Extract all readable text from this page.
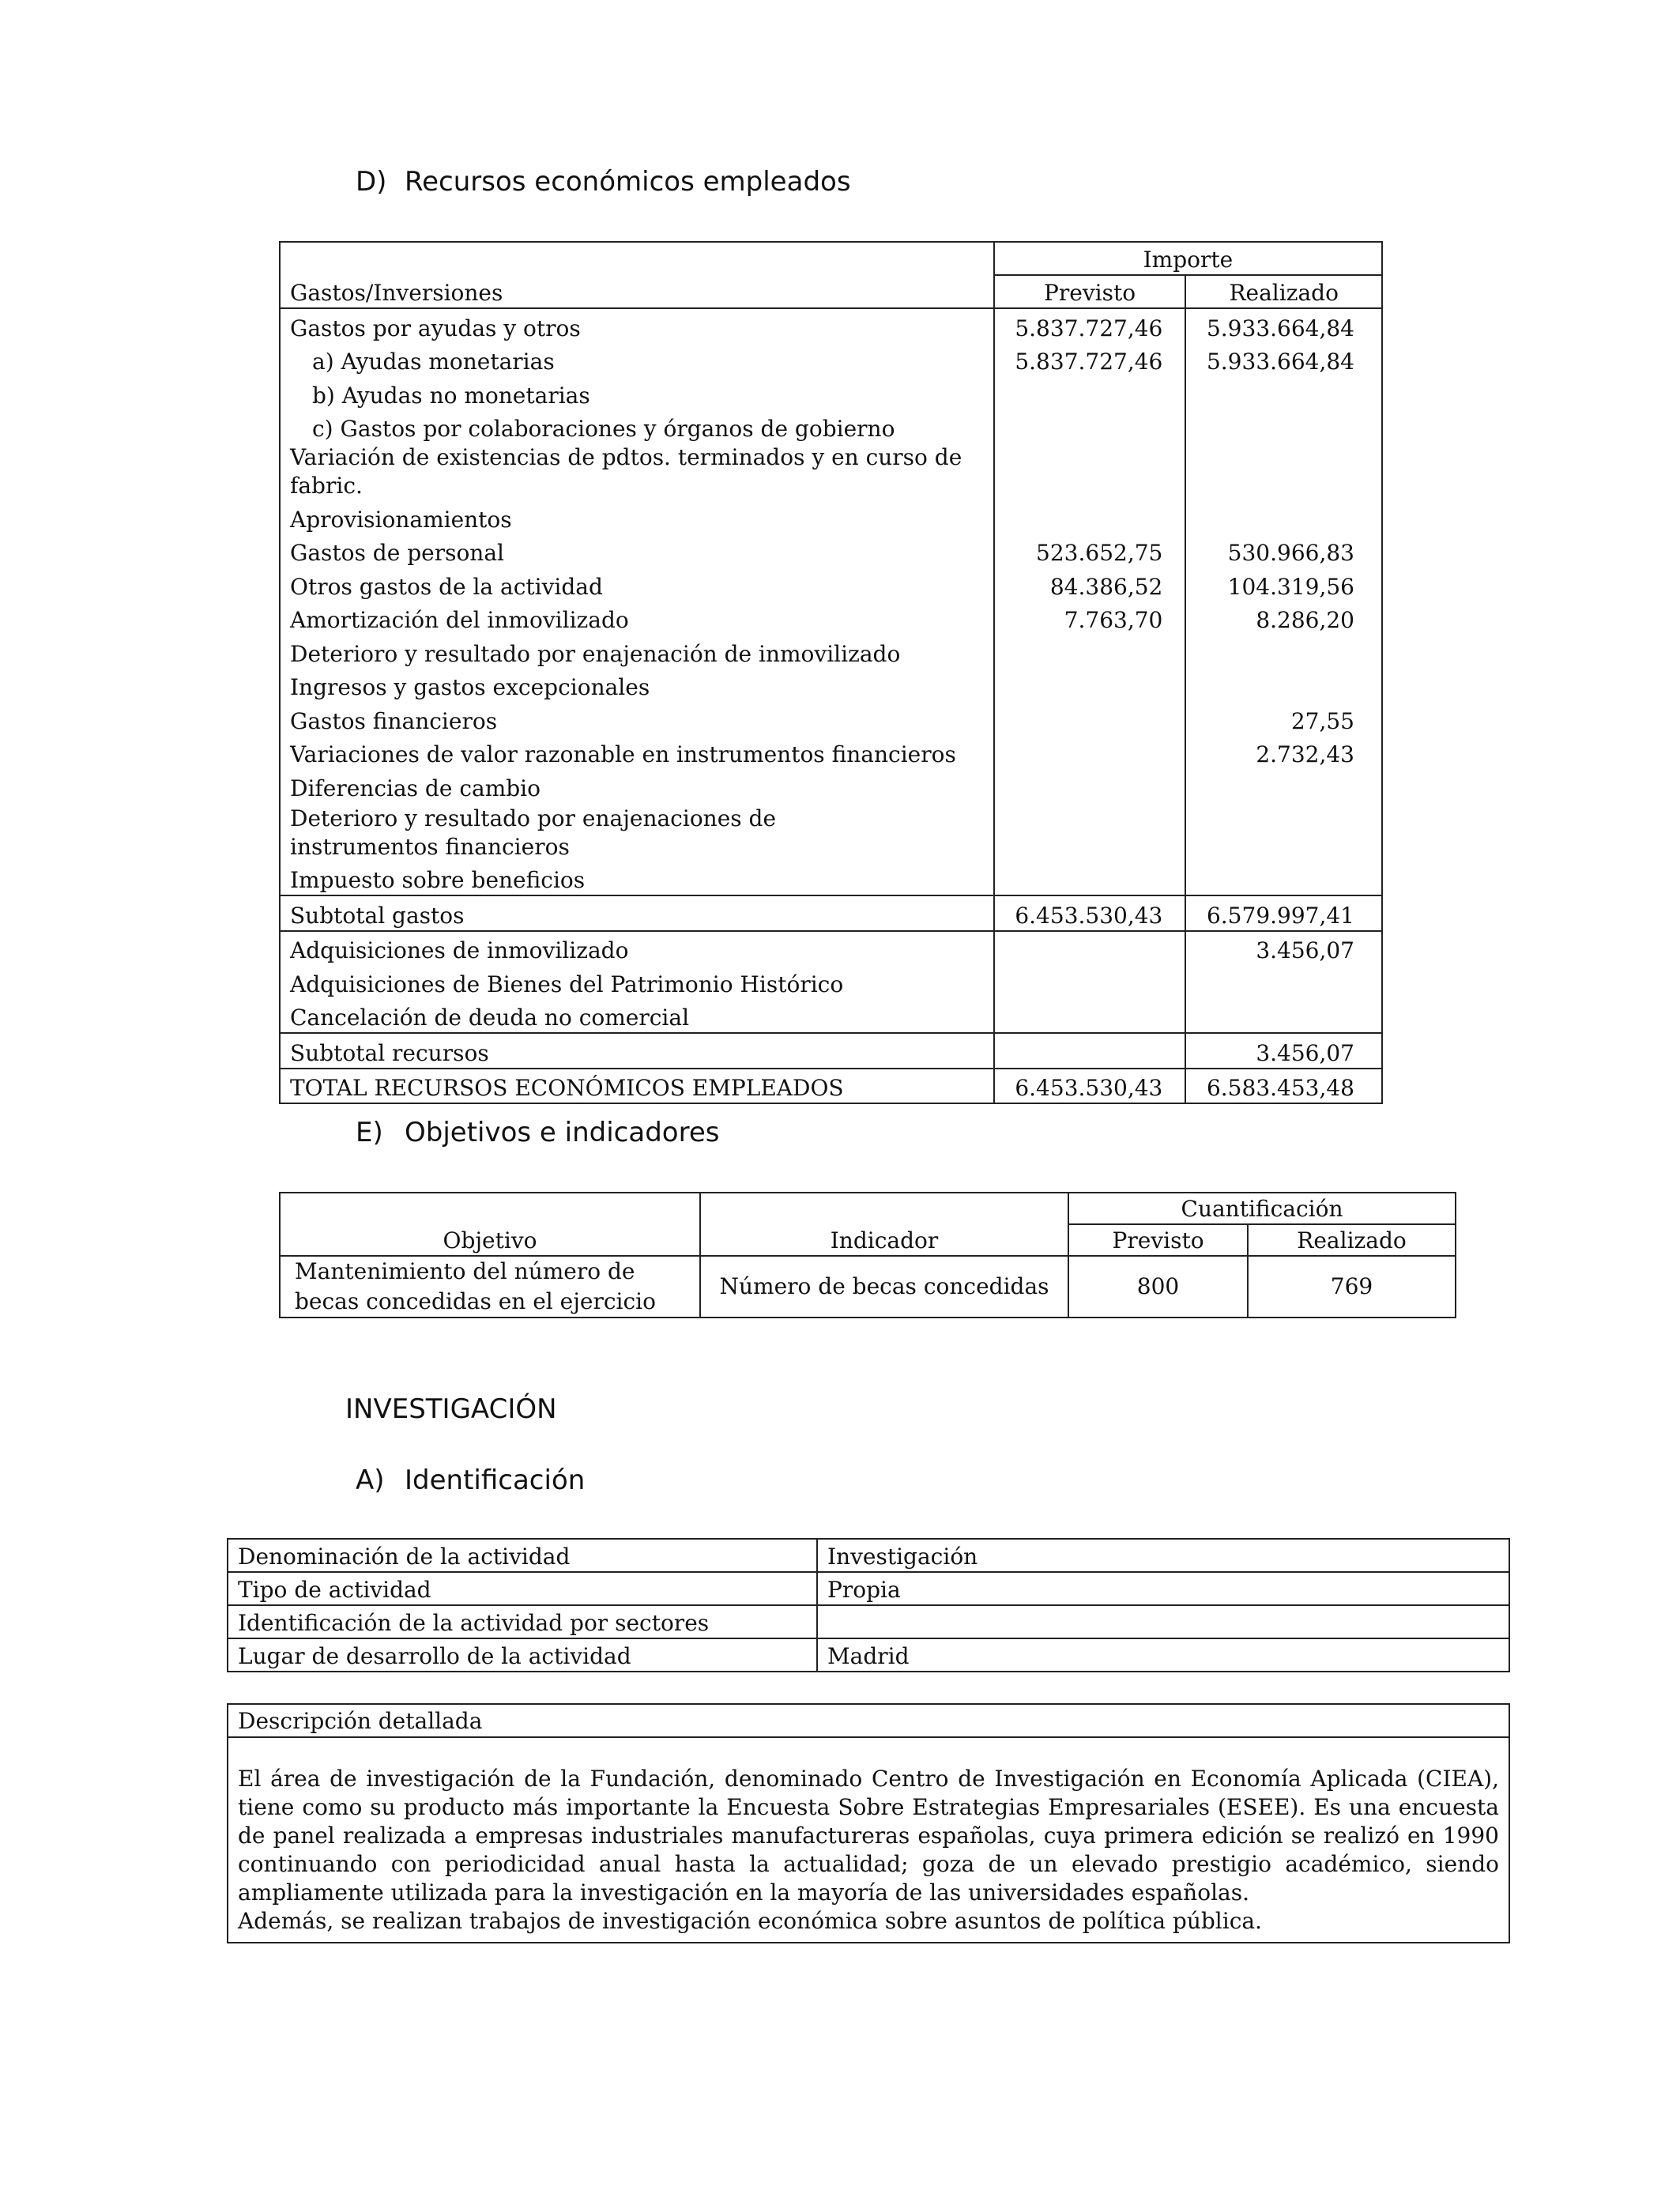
D) Recursos económicos empleados
Gastos/Inversiones	Importe	
	Previsto	Realizado
Gastos por ayudas y otros	5.837.727,46	5.933.664,84
a) Ayudas monetarias	5.837.727,46	5.933.664,84
b) Ayudas no monetarias		
c) Gastos por colaboraciones y órganos de gobierno		
Variación de existencias de pdtos. terminados y en curso de fabric.		
Aprovisionamientos		
Gastos de personal	523.652,75	530.966,83
Otros gastos de la actividad	84.386,52	104.319,56
Amortización del inmovilizado	7.763,70	8.286,20
Deterioro y resultado por enajenación de inmovilizado		
Ingresos y gastos excepcionales		
Gastos financieros		27,55
Variaciones de valor razonable en instrumentos financieros		2.732,43
Diferencias de cambio		
Deterioro y resultado por enajenaciones de instrumentos financieros		
Impuesto sobre beneficios		
Subtotal gastos	6.453.530,43	6.579.997,41
Adquisiciones de inmovilizado		3.456,07
Adquisiciones de Bienes del Patrimonio Histórico		
Cancelación de deuda no comercial		
Subtotal recursos		3.456,07
TOTAL RECURSOS ECONÓMICOS EMPLEADOS	6.453.530,43	6.583.453,48
E) Objetivos e indicadores
		Cuantificación	
Objetivo	Indicador	Previsto	Realizado
Mantenimiento del número de becas concedidas en el ejercicio	Número de becas concedidas	800	769
INVESTIGACIÓN
A) Identificación
Denominación de la actividad	Investigación
Tipo de actividad	Propia
Identificación de la actividad por sectores	
Lugar de desarrollo de la actividad	Madrid
Descripción detallada

El área de investigación de la Fundación, denominado Centro de Investigación en Economía Aplicada (CIEA), tiene como su producto más importante la Encuesta Sobre Estrategias Empresariales (ESEE). Es una encuesta de panel realizada a empresas industriales manufactureras españolas, cuya primera edición se realizó en 1990 continuando con periodicidad anual hasta la actualidad; goza de un elevado prestigio académico, siendo ampliamente utilizada para la investigación en la mayoría de las universidades españolas.

Además, se realizan trabajos de investigación económica sobre asuntos de política pública.
